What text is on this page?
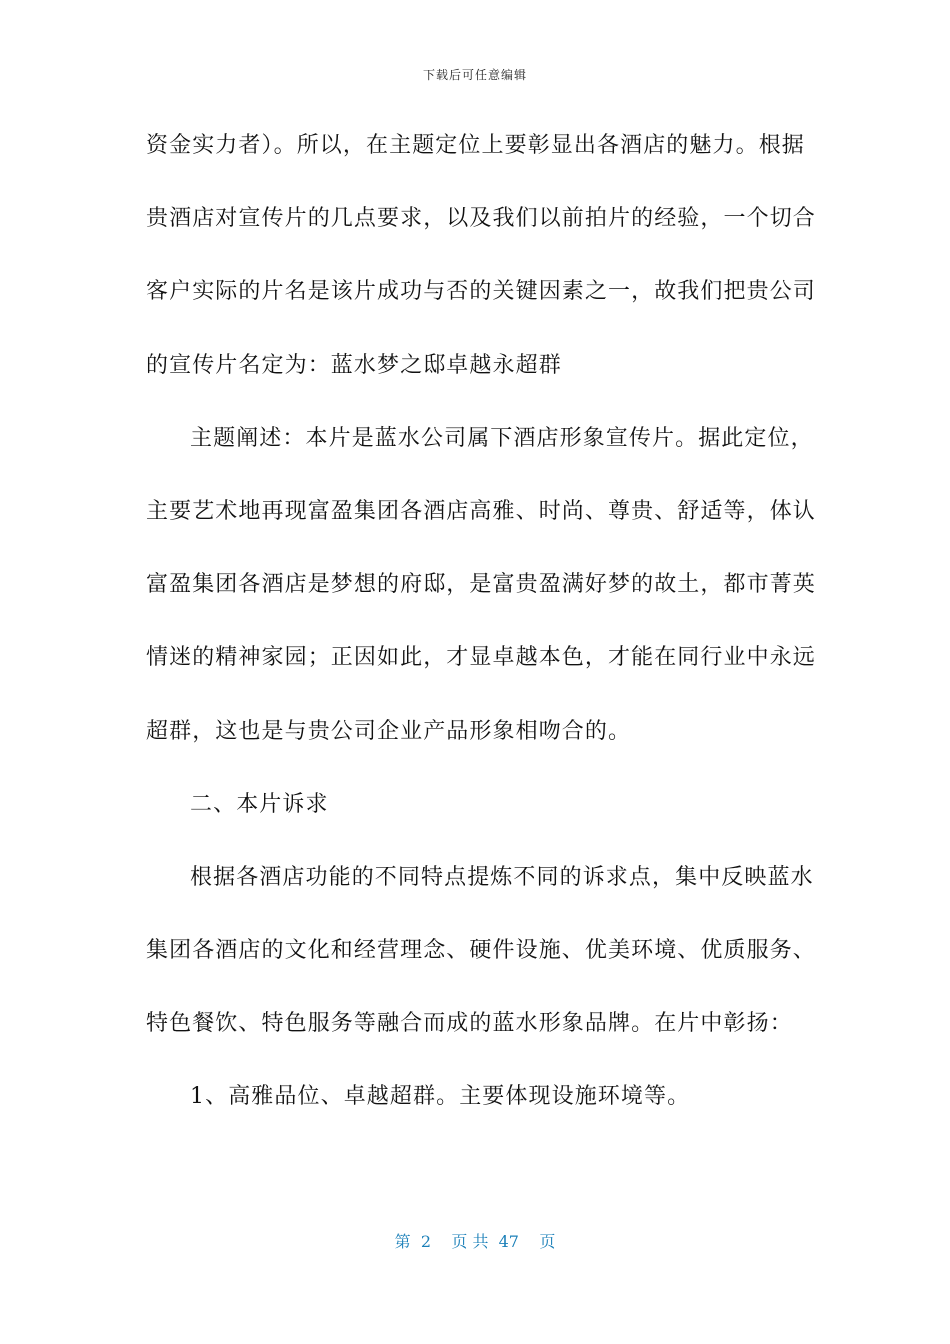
下载后可任意编辑
资金实力者）。所以，在主题定位上要彰显出各酒店的魅力。根据
贵酒店对宣传片的几点要求，以及我们以前拍片的经验，一个切合
客户实际的片名是该片成功与否的关键因素之一，故我们把贵公司
的宣传片名定为：蓝水梦之邸卓越永超群
主题阐述：本片是蓝水公司属下酒店形象宣传片。据此定位，
主要艺术地再现富盈集团各酒店高雅、时尚、尊贵、舒适等，体认
富盈集团各酒店是梦想的府邸，是富贵盈满好梦的故土，都市菁英
情迷的精神家园；正因如此，才显卓越本色，才能在同行业中永远
超群，这也是与贵公司企业产品形象相吻合的。
二、本片诉求
根据各酒店功能的不同特点提炼不同的诉求点，集中反映蓝水
集团各酒店的文化和经营理念、硬件设施、优美环境、优质服务、
特色餐饮、特色服务等融合而成的蓝水形象品牌。在片中彰扬：
1、高雅品位、卓越超群。主要体现设施环境等。
第  2    页 共  47    页
